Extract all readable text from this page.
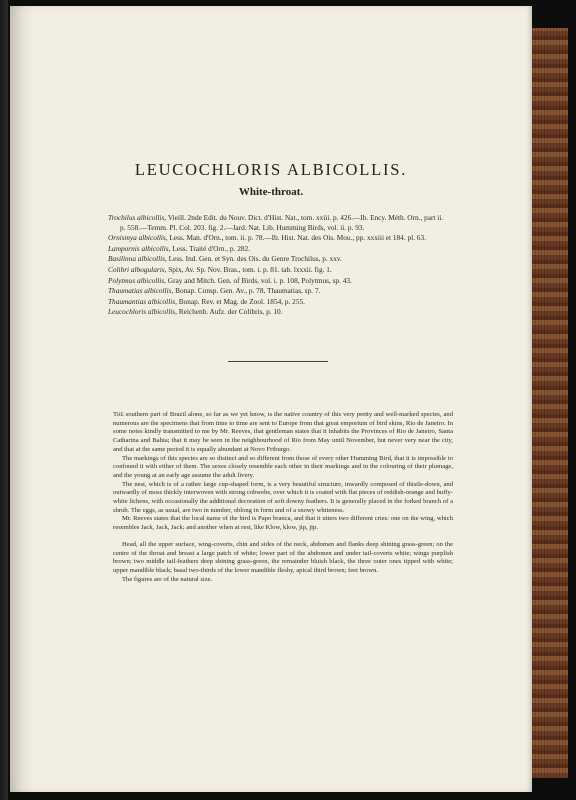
LEUCOCHLORIS ALBICOLLIS.
White-throat.

Trochilus albicollis, Vieill. 2nde Edit. du Nouv. Dict. d'Hist. Nat., tom. xxiii. p. 426.—Ib. Ency. Méth. Orn., part ii. p. 558.—Temm. Pl. Col. 203. fig. 2.—Jard. Nat. Lib. Humming Birds, vol. ii. p. 93.

Ornismya albicollis, Less. Man. d'Orn., tom. ii. p. 78.—Ib. Hist. Nat. des Ois. Mou., pp. xxxiii et 184. pl. 63.

Lampornis albicollis, Less. Traité d'Orn., p. 282.

Basilinna albicollis, Less. Ind. Gen. et Syn. des Ois. du Genre Trochilus, p. xxv.

Colibri albogularis, Spix, Av. Sp. Nov. Bras., tom. i. p. 81. tab. lxxxii. fig. 1.

Polytmus albicollis, Gray and Mitch. Gen. of Birds, vol. i. p. 108, Polytmus, sp. 43.

Thaumatias albicollis, Bonap. Consp. Gen. Av., p. 78, Thaumatias, sp. 7.

Thaumantias albicollis, Bonap. Rev. et Mag. de Zool. 1854, p. 255.

Leucochloris albicollis, Reichenb. Aufz. der Colibris, p. 10.

The southern part of Brazil alone, so far as we yet know, is the native country of this very pretty and well-marked species, and numerous are the specimens that from time to time are sent to Europe from that great emporium of bird skins, Rio de Janeiro. In some notes kindly transmitted to me by Mr. Reeves, that gentleman states that it inhabits the Provinces of Rio de Janeiro, Santa Catharina and Bahia; that it may be seen in the neighbourhood of Rio from May until November, but never very near the city, and that at the same period it is equally abundant at Novo Friburgo.

The markings of this species are so distinct and so different from those of every other Humming Bird, that it is impossible to confound it with either of them. The sexes closely resemble each other in their markings and in the colouring of their plumage, and the young at an early age assume the adult livery.

The nest, which is of a rather large cup-shaped form, is a very beautiful structure, inwardly composed of thistle-down, and outwardly of moss thickly interwoven with strong cobwebs, over which it is coated with flat pieces of reddish-orange and buffy-white lichens, with occasionally the additional decoration of soft downy feathers. It is generally placed in the forked branch of a shrub. The eggs, as usual, are two in number, oblong in form and of a snowy whiteness.

Mr. Reeves states that the local name of the bird is Papo branca, and that it utters two different cries: one on the wing, which resembles Jack, Jack, Jack; and another when at rest, like Klow, klow, jip, jip.

Head, all the upper surface, wing-coverts, chin and sides of the neck, abdomen and flanks deep shining grass-green; on the centre of the throat and breast a large patch of white; lower part of the abdomen and under tail-coverts white; wings purplish brown; two middle tail-feathers deep shining grass-green, the remainder bluish black, the three outer ones tipped with white; upper mandible black; basal two-thirds of the lower mandible fleshy, apical third brown; feet brown.

The figures are of the natural size.
